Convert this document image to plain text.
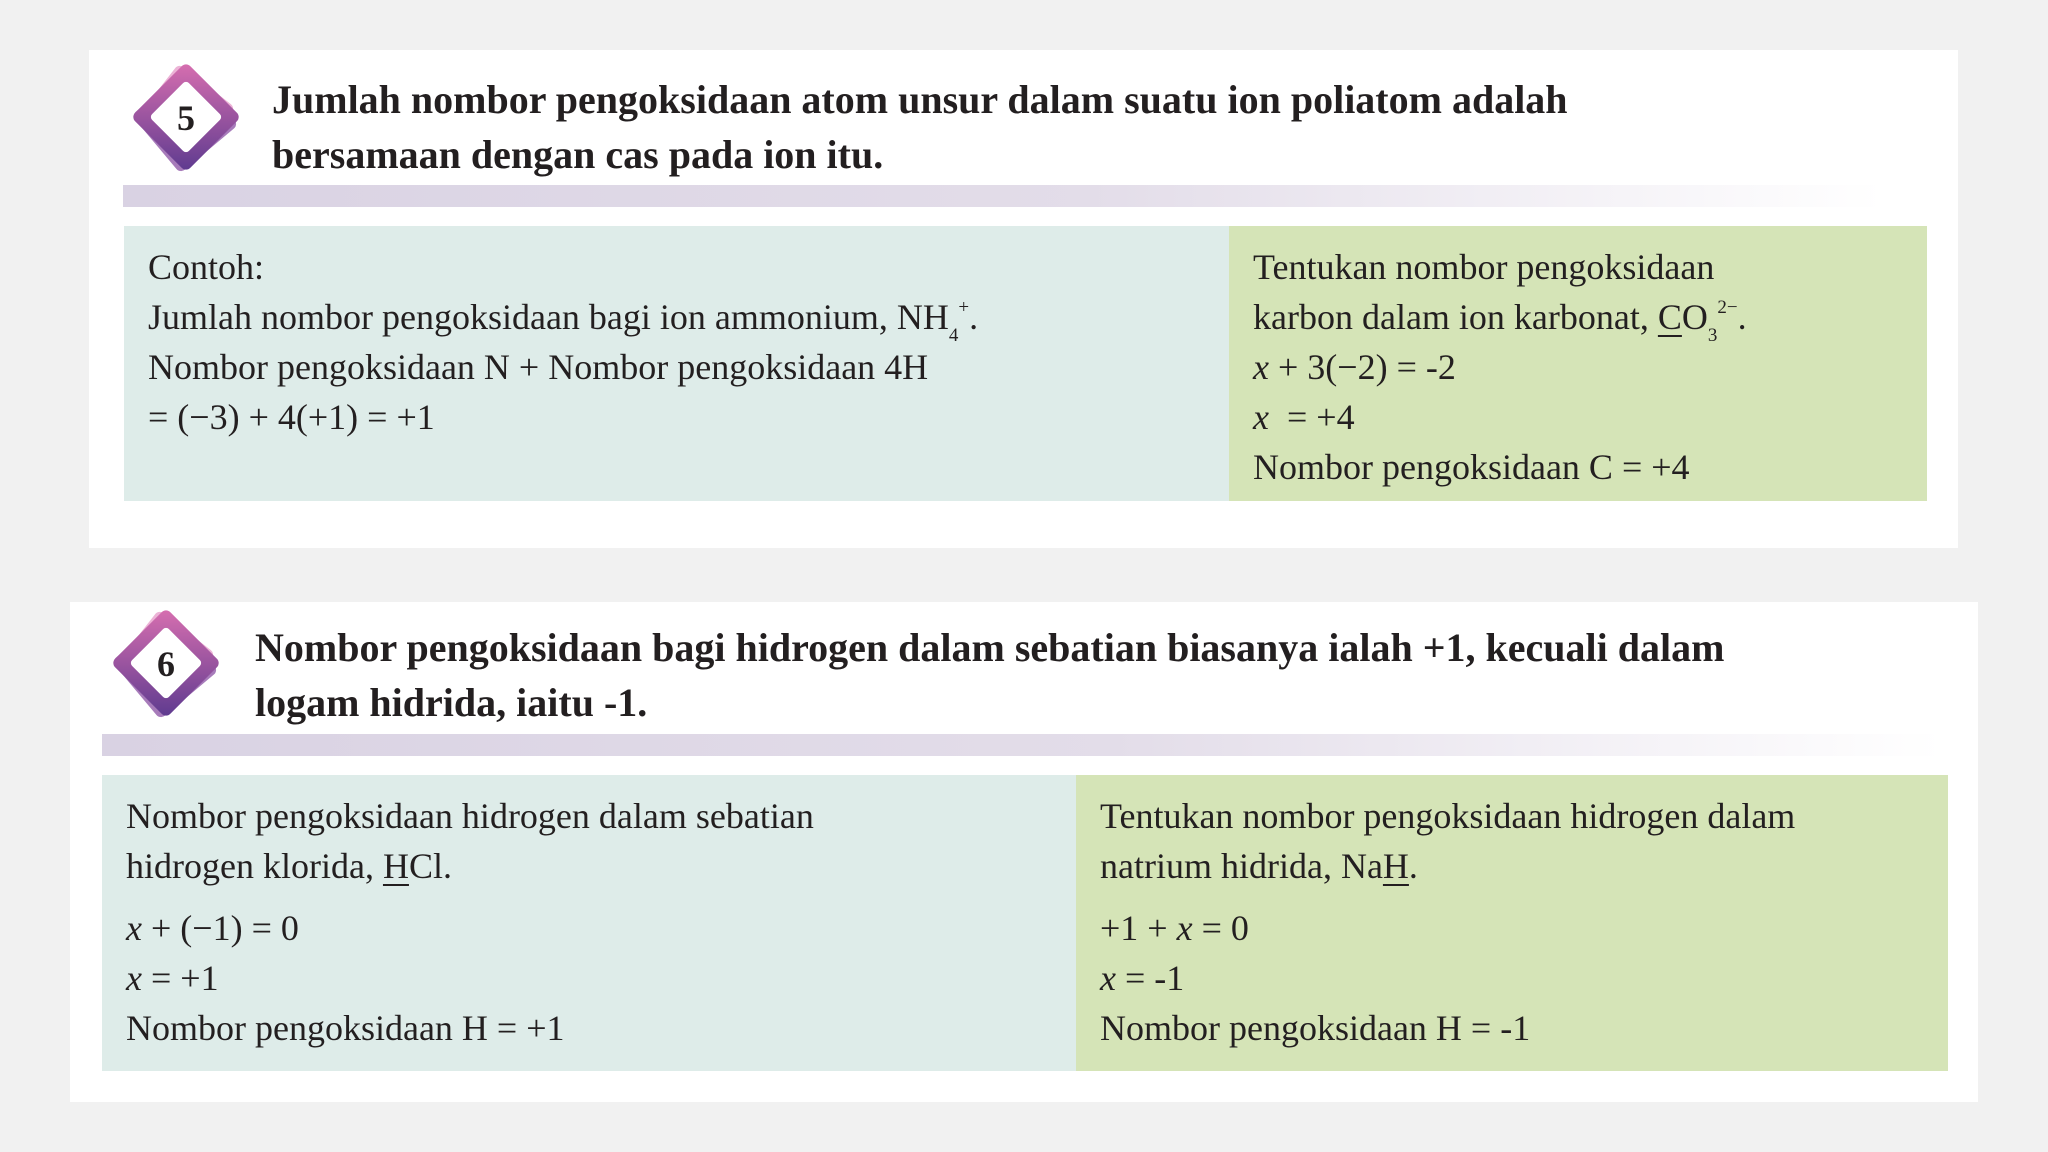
5 Jumlah nombor pengoksidaan atom unsur dalam suatu ion poliatom adalah
bersamaan dengan cas pada ion itu.
Contoh:
Jumlah nombor pengoksidaan bagi ion ammonium, $NH_4^+$.
Nombor pengoksidaan N + Nombor pengoksidaan 4H
= (−3) + 4(+1) = +1
Tentukan nombor pengoksidaan
karbon dalam ion karbonat, $CO_3^{2-}$.
x + 3(−2) = -2
x  = +4
Nombor pengoksidaan C = +4
6 Nombor pengoksidaan bagi hidrogen dalam sebatian biasanya ialah +1, kecuali dalam
logam hidrida, iaitu -1.
Nombor pengoksidaan hidrogen dalam sebatian
hidrogen klorida, HCl.
x + (−1) = 0
x = +1
Nombor pengoksidaan H = +1
Tentukan nombor pengoksidaan hidrogen dalam
natrium hidrida, NaH.
+1 + x = 0
x = -1
Nombor pengoksidaan H = -1
